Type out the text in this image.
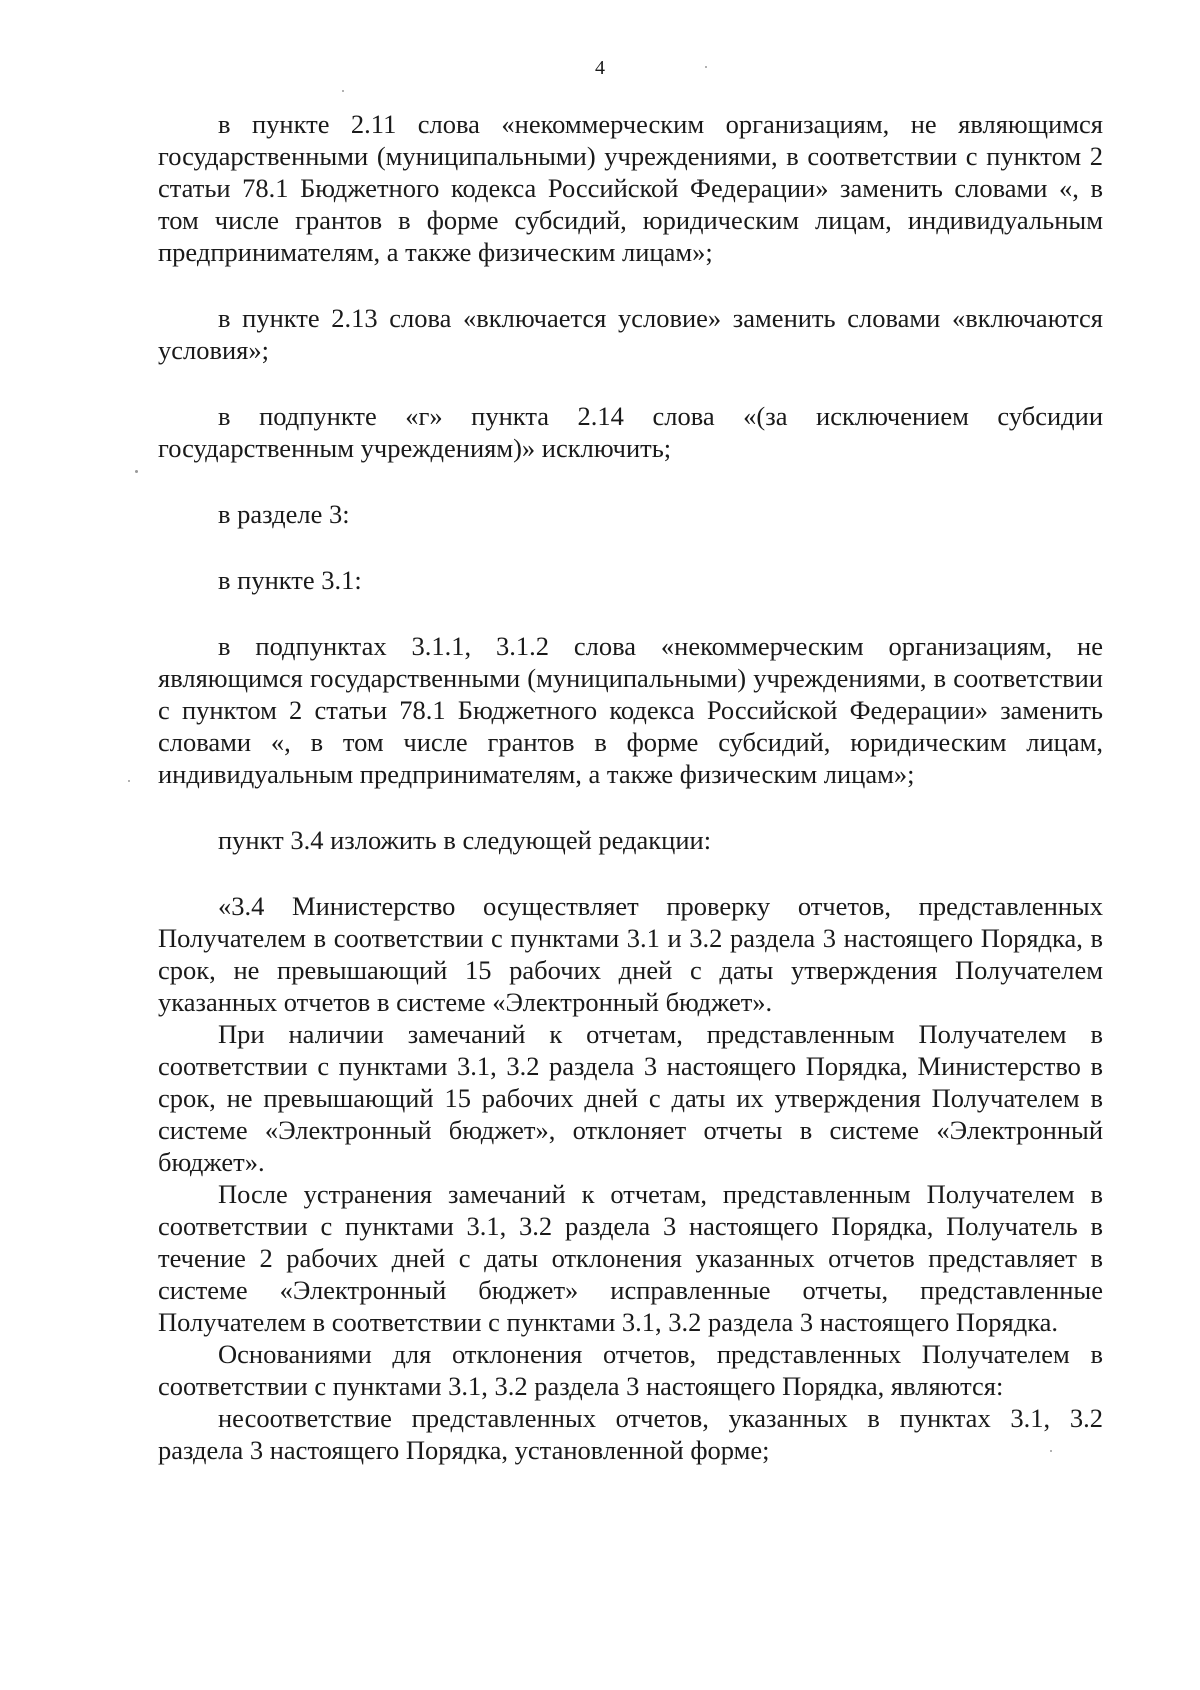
4

в пункте 2.11 слова «некоммерческим организациям, не являющимся государственными (муниципальными) учреждениями, в соответствии с пунктом 2 статьи 78.1 Бюджетного кодекса Российской Федерации» заменить словами «, в том числе грантов в форме субсидий, юридическим лицам, индивидуальным предпринимателям, а также физическим лицам»;

в пункте 2.13 слова «включается условие» заменить словами «включаются условия»;

в подпункте «г» пункта 2.14 слова «(за исключением субсидии государственным учреждениям)» исключить;

в разделе 3:

в пункте 3.1:

в подпунктах 3.1.1, 3.1.2 слова «некоммерческим организациям, не являющимся государственными (муниципальными) учреждениями, в соответствии с пунктом 2 статьи 78.1 Бюджетного кодекса Российской Федерации» заменить словами «, в том числе грантов в форме субсидий, юридическим лицам, индивидуальным предпринимателям, а также физическим лицам»;

пункт 3.4 изложить в следующей редакции:

«3.4 Министерство осуществляет проверку отчетов, представленных Получателем в соответствии с пунктами 3.1 и 3.2 раздела 3 настоящего Порядка, в срок, не превышающий 15 рабочих дней с даты утверждения Получателем указанных отчетов в системе «Электронный бюджет».

При наличии замечаний к отчетам, представленным Получателем в соответствии с пунктами 3.1, 3.2 раздела 3 настоящего Порядка, Министерство в срок, не превышающий 15 рабочих дней с даты их утверждения Получателем в системе «Электронный бюджет», отклоняет отчеты в системе «Электронный бюджет».

После устранения замечаний к отчетам, представленным Получателем в соответствии с пунктами 3.1, 3.2 раздела 3 настоящего Порядка, Получатель в течение 2 рабочих дней с даты отклонения указанных отчетов представляет в системе «Электронный бюджет» исправленные отчеты, представленные Получателем в соответствии с пунктами 3.1, 3.2 раздела 3 настоящего Порядка.

Основаниями для отклонения отчетов, представленных Получателем в соответствии с пунктами 3.1, 3.2 раздела 3 настоящего Порядка, являются:

несоответствие представленных отчетов, указанных в пунктах 3.1, 3.2 раздела 3 настоящего Порядка, установленной форме;
